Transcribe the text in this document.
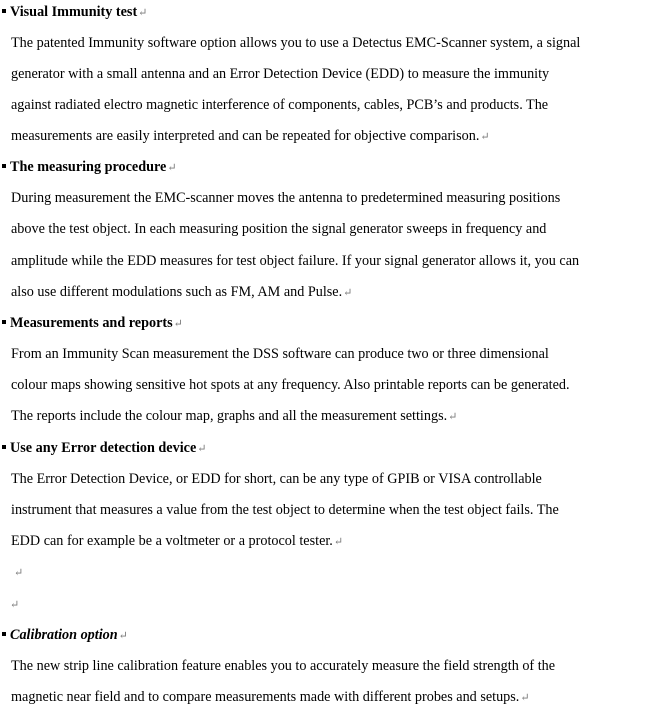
Visual Immunity test↵
The patented Immunity software option allows you to use a Detectus EMC-Scanner system, a signal
generator with a small antenna and an Error Detection Device (EDD) to measure the immunity
against radiated electro magnetic interference of components, cables, PCB’s and products. The
measurements are easily interpreted and can be repeated for objective comparison.↵
The measuring procedure↵
During measurement the EMC-scanner moves the antenna to predetermined measuring positions
above the test object. In each measuring position the signal generator sweeps in frequency and
amplitude while the EDD measures for test object failure. If your signal generator allows it, you can
also use different modulations such as FM, AM and Pulse.↵
Measurements and reports↵
From an Immunity Scan measurement the DSS software can produce two or three dimensional
colour maps showing sensitive hot spots at any frequency. Also printable reports can be generated.
The reports include the colour map, graphs and all the measurement settings.↵
Use any Error detection device↵
The Error Detection Device, or EDD for short, can be any type of GPIB or VISA controllable
instrument that measures a value from the test object to determine when the test object fails. The
EDD can for example be a voltmeter or a protocol tester.↵
↵
↵
Calibration option↵
The new strip line calibration feature enables you to accurately measure the field strength of the
magnetic near field and to compare measurements made with different probes and setups.↵
